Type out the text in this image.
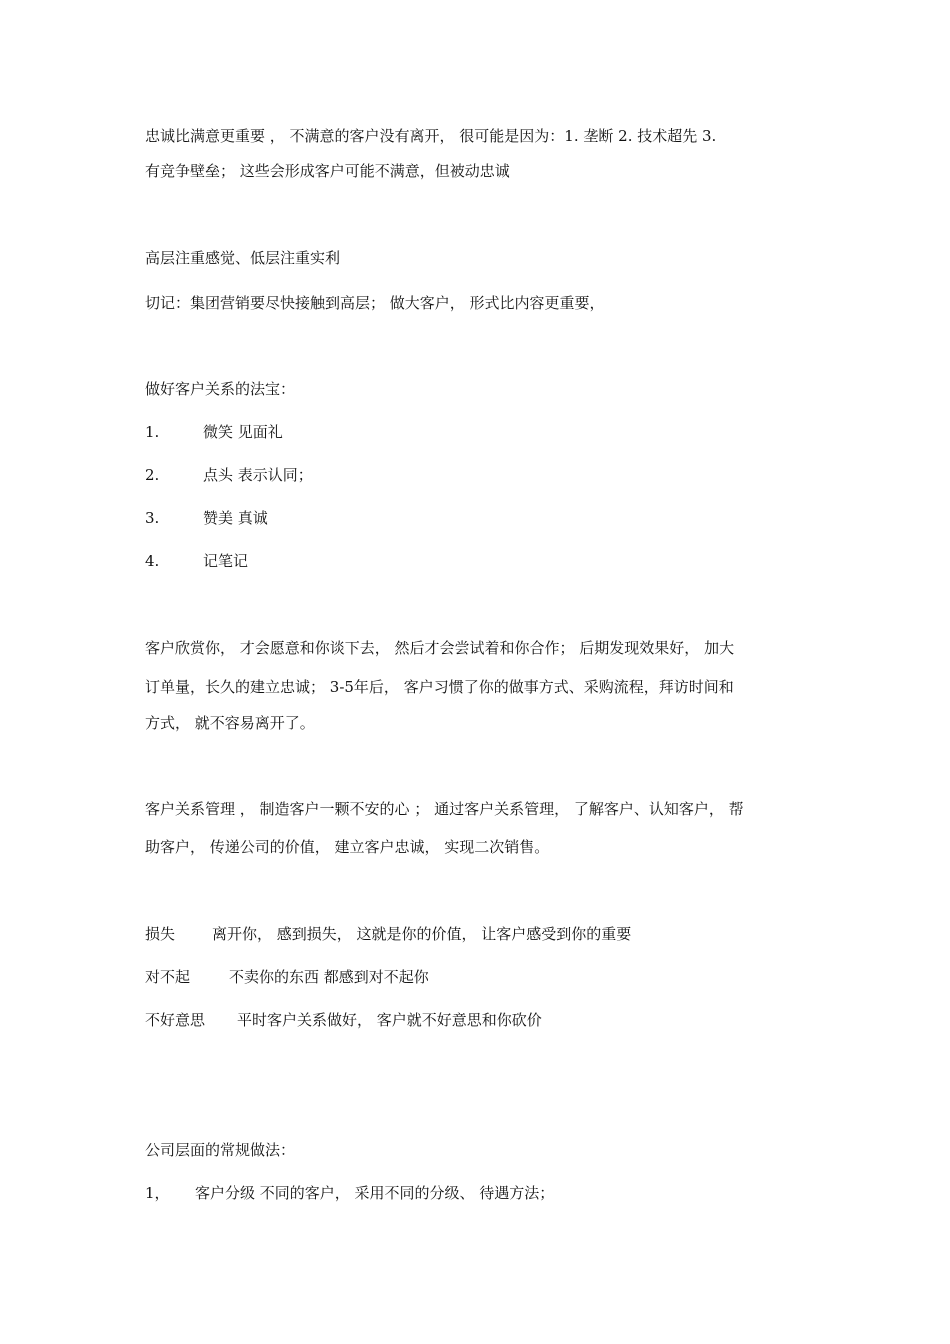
忠诚比满意更重要 ， 不满意的客户没有离开， 很可能是因为：1. 垄断 2. 技术超先 3.
有竞争壁垒； 这些会形成客户可能不满意，但被动忠诚
高层注重感觉、低层注重实利
切记：集团营销要尽快接触到高层； 做大客户， 形式比内容更重要，
做好客户关系的法宝：
1.	微笑 见面礼
2.	点头 表示认同；
3.	赞美 真诚
4.	记笔记
客户欣赏你， 才会愿意和你谈下去， 然后才会尝试着和你合作； 后期发现效果好， 加大
订单量，长久的建立忠诚； 3-5年后， 客户习惯了你的做事方式、采购流程，拜访时间和
方式， 就不容易离开了。
客户关系管理 ， 制造客户一颗不安的心 ； 通过客户关系管理， 了解客户、认知客户， 帮
助客户， 传递公司的价值， 建立客户忠诚， 实现二次销售。
损失 离开你， 感到损失， 这就是你的价值， 让客户感受到你的重要
对不起	不卖你的东西 都感到对不起你
不好意思 平时客户关系做好， 客户就不好意思和你砍价
公司层面的常规做法：
1， 客户分级 不同的客户， 采用不同的分级、 待遇方法；
